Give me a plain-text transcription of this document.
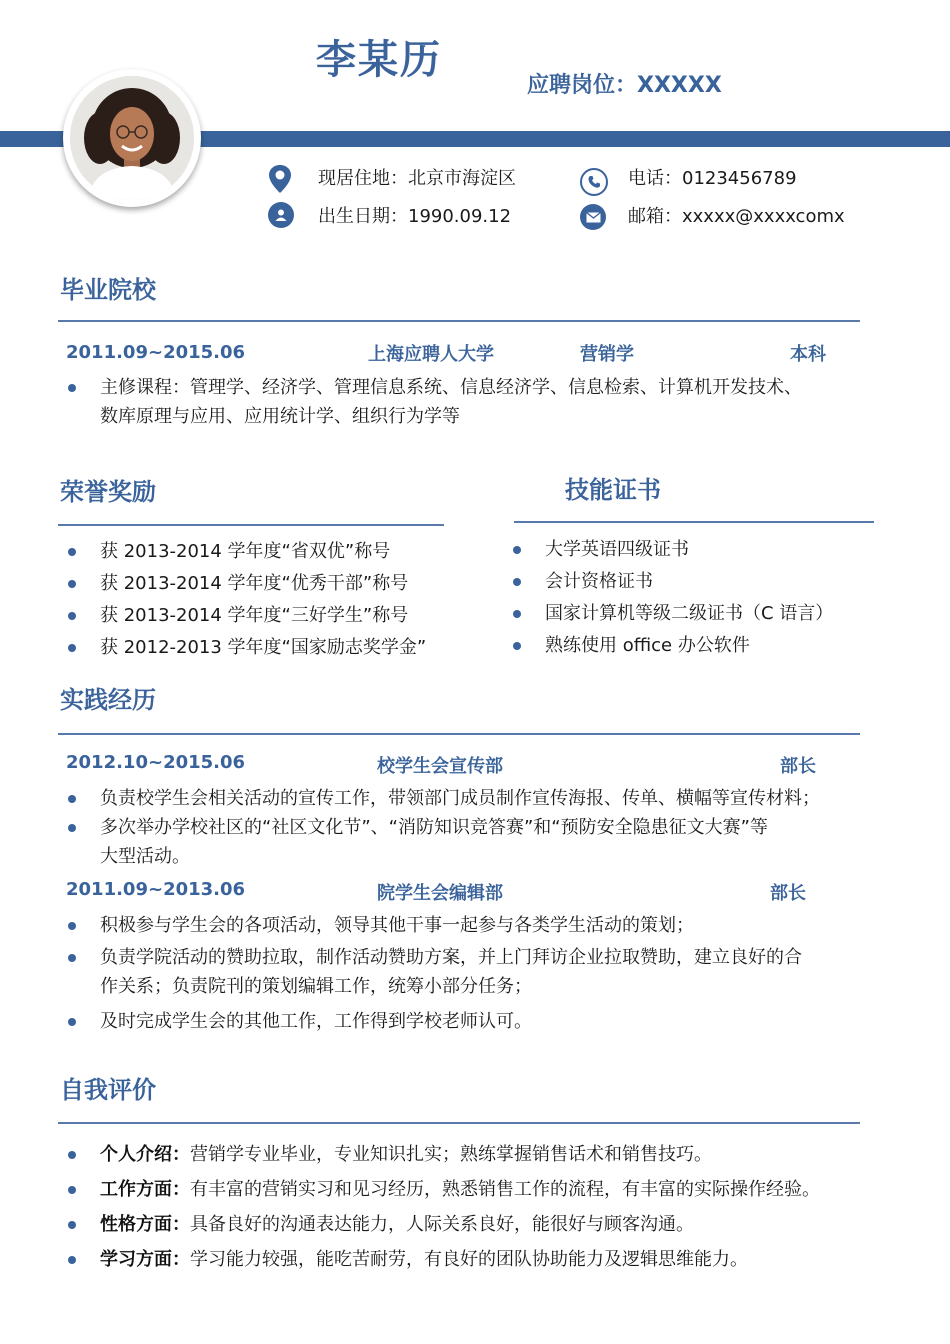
李某历
应聘岗位：XXXXX
现居住地：北京市海淀区
出生日期：1990.09.12
电话：0123456789
邮箱：xxxxx@xxxxcomx
毕业院校
2011.09~2015.06	上海应聘人大学	营销学	本科
主修课程：管理学、经济学、管理信息系统、信息经济学、信息检索、计算机开发技术、
数库原理与应用、应用统计学、组织行为学等
荣誉奖励
获 2013-2014 学年度“省双优”称号
获 2013-2014 学年度“优秀干部”称号
获 2013-2014 学年度“三好学生”称号
获 2012-2013 学年度“国家励志奖学金”
技能证书
大学英语四级证书
会计资格证书
国家计算机等级二级证书（C 语言）
熟练使用 office 办公软件
实践经历
2012.10~2015.06	校学生会宣传部	部长
负责校学生会相关活动的宣传工作，带领部门成员制作宣传海报、传单、横幅等宣传材料；
多次举办学校社区的“社区文化节”、“消防知识竞答赛”和“预防安全隐患征文大赛”等
大型活动。
2011.09~2013.06	院学生会编辑部	部长
积极参与学生会的各项活动，领导其他干事一起参与各类学生活动的策划；
负责学院活动的赞助拉取，制作活动赞助方案，并上门拜访企业拉取赞助，建立良好的合
作关系；负责院刊的策划编辑工作，统筹小部分任务；
及时完成学生会的其他工作，工作得到学校老师认可。
自我评价
个人介绍：营销学专业毕业，专业知识扎实；熟练掌握销售话术和销售技巧。
工作方面：有丰富的营销实习和见习经历，熟悉销售工作的流程，有丰富的实际操作经验。
性格方面：具备良好的沟通表达能力，人际关系良好，能很好与顾客沟通。
学习方面：学习能力较强，能吃苦耐劳，有良好的团队协助能力及逻辑思维能力。
